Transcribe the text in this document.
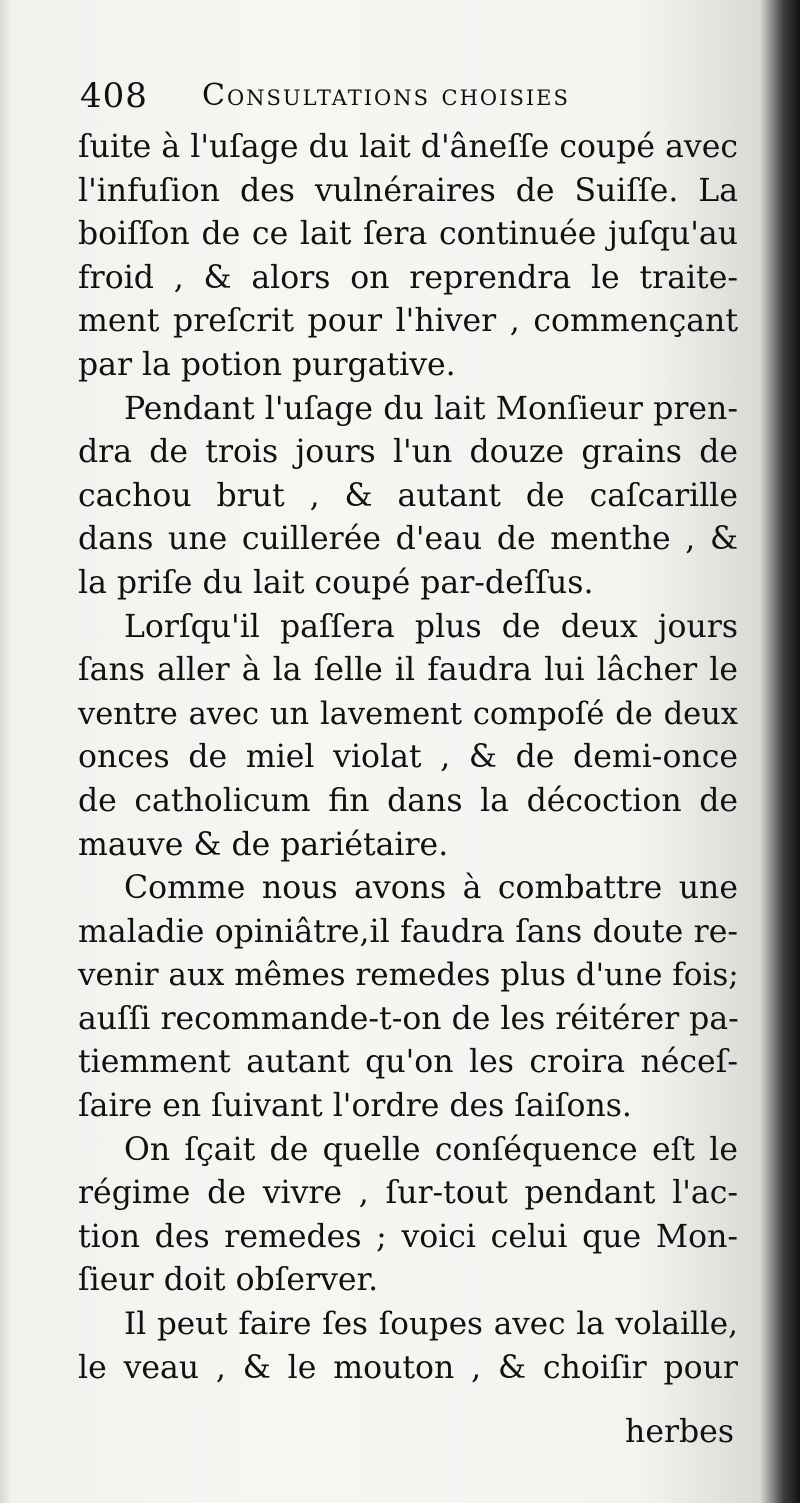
408 Consultations choisies
ſuite à l'uſage du lait d'âneſſe coupé avec
l'infuſion des vulnéraires de Suiſſe. La
boiſſon de ce lait ſera continuée juſqu'au
froid , & alors on reprendra le traite-
ment preſcrit pour l'hiver , commençant
par la potion purgative.
Pendant l'uſage du lait Monſieur pren-
dra de trois jours l'un douze grains de
cachou brut , & autant de caſcarille
dans une cuillerée d'eau de menthe , &
la priſe du lait coupé par-deſſus.
Lorſqu'il paſſera plus de deux jours
ſans aller à la ſelle il faudra lui lâcher le
ventre avec un lavement compoſé de deux
onces de miel violat , & de demi-once
de catholicum fin dans la décoction de
mauve & de pariétaire.
Comme nous avons à combattre une
maladie opiniâtre,il faudra ſans doute re-
venir aux mêmes remedes plus d'une fois;
auſſi recommande-t-on de les réitérer pa-
tiemment autant qu'on les croira néceſ-
ſaire en ſuivant l'ordre des ſaiſons.
On ſçait de quelle conſéquence eſt le
régime de vivre , ſur-tout pendant l'ac-
tion des remedes ; voici celui que Mon-
ſieur doit obſerver.
Il peut faire ſes ſoupes avec la volaille,
le veau , & le mouton , & choiſir pour
herbes
